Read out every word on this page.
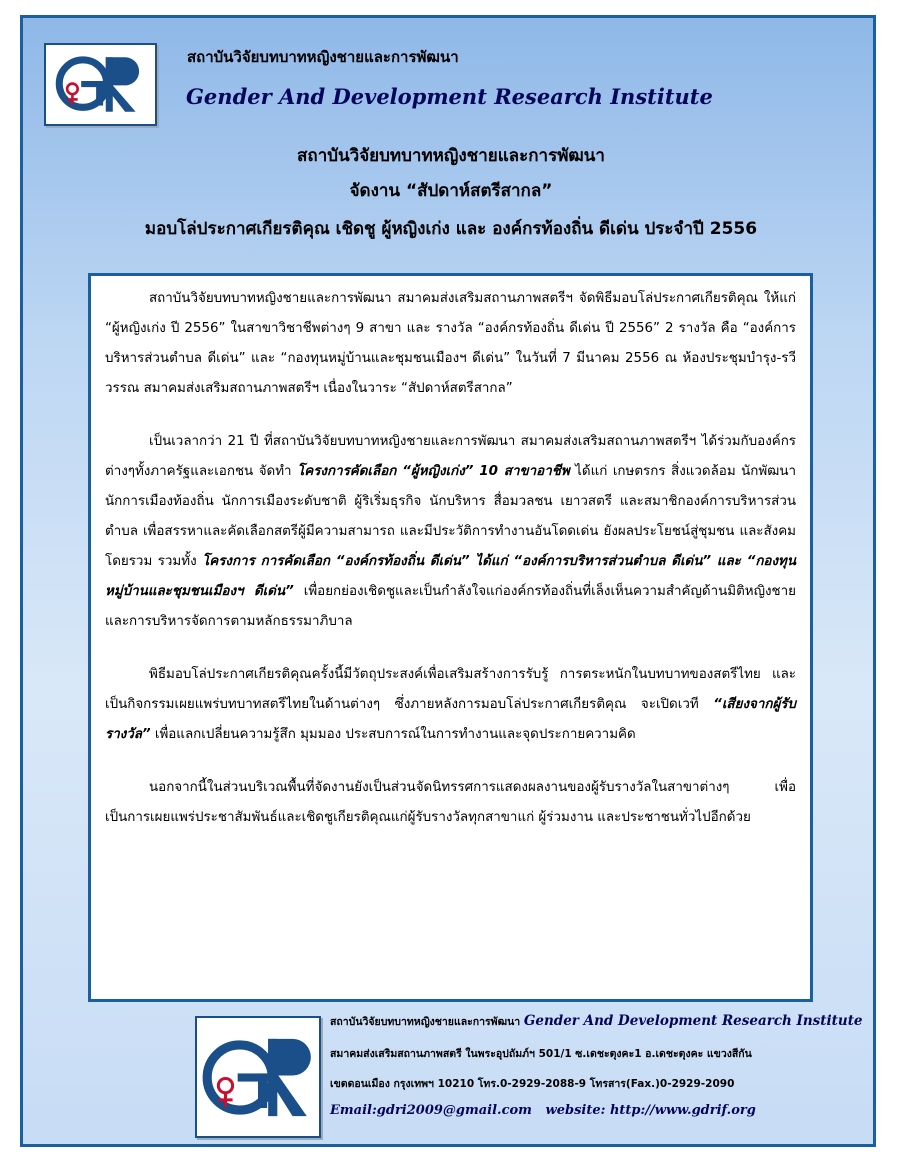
สถาบันวิจัยบทบาทหญิงชายและการพัฒนา
Gender And Development Research Institute
สถาบันวิจัยบทบาทหญิงชายและการพัฒนา
จัดงาน “สัปดาห์สตรีสากล”
มอบโล่ประกาศเกียรติคุณ เชิดชู ผู้หญิงเก่ง และ องค์กรท้องถิ่น ดีเด่น ประจำปี 2556

สถาบันวิจัยบทบาทหญิงชายและการพัฒนา สมาคมส่งเสริมสถานภาพสตรีฯ จัดพิธีมอบโล่ประกาศเกียรติคุณ ให้แก่ “ผู้หญิงเก่ง ปี 2556” ในสาขาวิชาชีพต่างๆ 9 สาขา และ รางวัล “องค์กรท้องถิ่น ดีเด่น ปี 2556” 2 รางวัล คือ “องค์การบริหารส่วนตำบล ดีเด่น” และ “กองทุนหมู่บ้านและชุมชนเมืองฯ ดีเด่น” ในวันที่ 7 มีนาคม 2556 ณ ห้องประชุมบำรุง-รวีวรรณ สมาคมส่งเสริมสถานภาพสตรีฯ เนื่องในวาระ “สัปดาห์สตรีสากล”

เป็นเวลากว่า 21 ปี ที่สถาบันวิจัยบทบาทหญิงชายและการพัฒนา สมาคมส่งเสริมสถานภาพสตรีฯ ได้ร่วมกับองค์กรต่างๆทั้งภาครัฐและเอกชน จัดทำ โครงการคัดเลือก “ผู้หญิงเก่ง” 10 สาขาอาชีพ ได้แก่ เกษตรกร สิ่งแวดล้อม นักพัฒนา นักการเมืองท้องถิ่น นักการเมืองระดับชาติ ผู้ริเริ่มธุรกิจ นักบริหาร สื่อมวลชน เยาวสตรี และสมาชิกองค์การบริหารส่วนตำบล เพื่อสรรหาและคัดเลือกสตรีผู้มีความสามารถ และมีประวัติการทำงานอันโดดเด่น ยังผลประโยชน์สู่ชุมชน และสังคมโดยรวม รวมทั้ง โครงการ การคัดเลือก “องค์กรท้องถิ่น ดีเด่น” ได้แก่ “องค์การบริหารส่วนตำบล ดีเด่น” และ “กองทุนหมู่บ้านและชุมชนเมืองฯ ดีเด่น” เพื่อยกย่องเชิดชูและเป็นกำลังใจแก่องค์กรท้องถิ่นที่เล็งเห็นความสำคัญด้านมิติหญิงชายและการบริหารจัดการตามหลักธรรมาภิบาล

พิธีมอบโล่ประกาศเกียรติคุณครั้งนี้มีวัตถุประสงค์เพื่อเสริมสร้างการรับรู้ การตระหนักในบทบาทของสตรีไทย และเป็นกิจกรรมเผยแพร่บทบาทสตรีไทยในด้านต่างๆ ซึ่งภายหลังการมอบโล่ประกาศเกียรติคุณ จะเปิดเวที “เสียงจากผู้รับรางวัล” เพื่อแลกเปลี่ยนความรู้สึก มุมมอง ประสบการณ์ในการทำงานและจุดประกายความคิด

นอกจากนี้ในส่วนบริเวณพื้นที่จัดงานยังเป็นส่วนจัดนิทรรศการแสดงผลงานของผู้รับรางวัลในสาขาต่างๆ เพื่อเป็นการเผยแพร่ประชาสัมพันธ์และเชิดชูเกียรติคุณแก่ผู้รับรางวัลทุกสาขาแก่ ผู้ร่วมงาน และประชาชนทั่วไปอีกด้วย

สถาบันวิจัยบทบาทหญิงชายและการพัฒนา Gender And Development Research Institute
สมาคมส่งเสริมสถานภาพสตรี ในพระอุปถัมภ์ฯ 501/1 ซ.เดชะตุงคะ1 อ.เดชะตุงคะ แขวงสีกัน
เขตดอนเมือง กรุงเทพฯ 10210 โทร.0-2929-2088-9 โทรสาร(Fax.)0-2929-2090
Email:gdri2009@gmail.com website: http://www.gdrif.org
